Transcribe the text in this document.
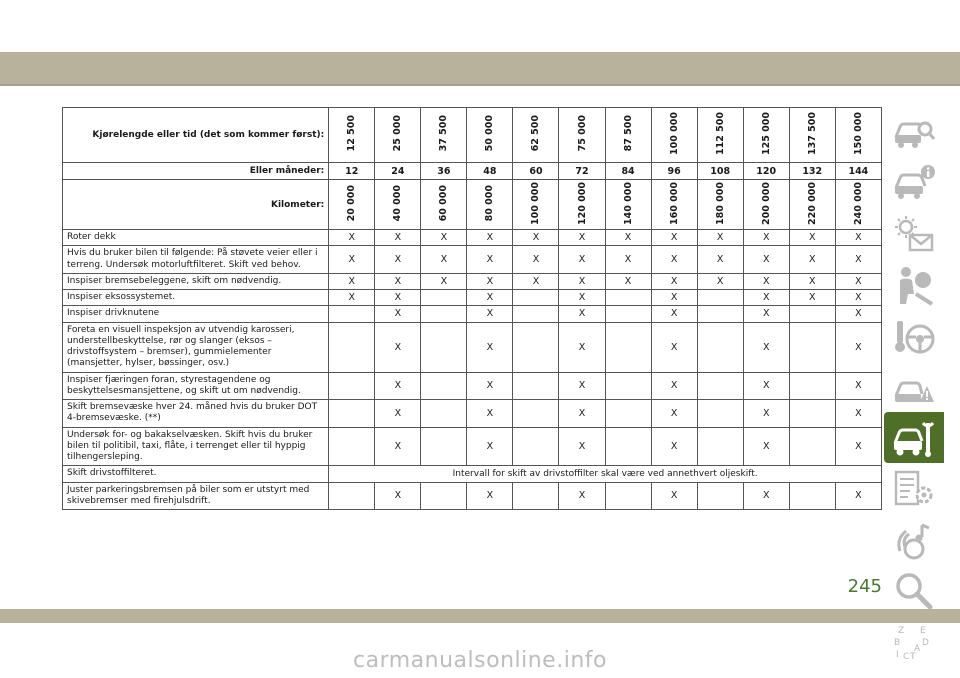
Kjørelengde eller tid (det som kommer først):	12 500	25 000	37 500	50 000	62 500	75 000	87 500	100 000	112 500	125 000	137 500	150 000
Eller måneder:	12	24	36	48	60	72	84	96	108	120	132	144
Kilometer:	20 000	40 000	60 000	80 000	100 000	120 000	140 000	160 000	180 000	200 000	220 000	240 000
Roter dekk	X	X	X	X	X	X	X	X	X	X	X	X
Hvis du bruker bilen til følgende: På støvete veier eller i terreng. Undersøk motorluftfilteret. Skift ved behov.	X	X	X	X	X	X	X	X	X	X	X	X
Inspiser bremsebeleggene, skift om nødvendig.	X	X	X	X	X	X	X	X	X	X	X	X
Inspiser eksossystemet.	X	X		X		X		X		X	X	X
Inspiser drivknutene		X		X		X		X		X		X
Foreta en visuell inspeksjon av utvendig karosseri, understellbeskyttelse, rør og slanger (eksos – drivstoffsystem – bremser), gummielementer (mansjetter, hylser, bøssinger, osv.)		X		X		X		X		X		X
Inspiser fjæringen foran, styrestagendene og beskyttelsesmansjettene, og skift ut om nødvendig.		X		X		X		X		X		X
Skift bremsevæske hver 24. måned hvis du bruker DOT 4-bremsevæske. (**)		X		X		X		X		X		X
Undersøk for- og bakakselvæsken. Skift hvis du bruker bilen til politibil, taxi, flåte, i terrenget eller til hyppig tilhengersleping.		X		X		X		X		X		X
Skift drivstoffilteret.	Intervall for skift av drivstoffilter skal være ved annethvert oljeskift.											
Juster parkeringsbremsen på biler som er utstyrt med skivebremser med firehjulsdrift.		X		X		X		X		X		X
Z E
B D
A
I C T
245
carmanualsonline.info
